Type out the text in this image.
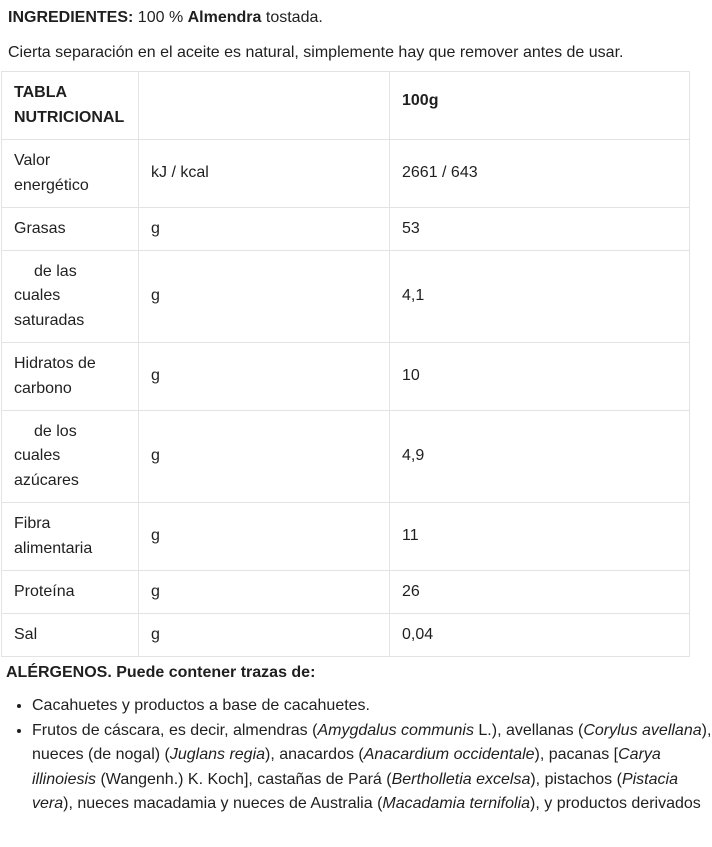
INGREDIENTES: 100 % Almendra tostada.
Cierta separación en el aceite es natural, simplemente hay que remover antes de usar.
TABLA NUTRICIONAL		100g
Valor energético	kJ / kcal	2661 / 643
Grasas	g	53
de las cuales saturadas	g	4,1
Hidratos de carbono	g	10
de los cuales azúcares	g	4,9
Fibra alimentaria	g	11
Proteína	g	26
Sal	g	0,04
ALÉRGENOS. Puede contener trazas de:
• Cacahuetes y productos a base de cacahuetes.
• Frutos de cáscara, es decir, almendras (Amygdalus communis L.), avellanas (Corylus avellana), nueces (de nogal) (Juglans regia), anacardos (Anacardium occidentale), pacanas [Carya illinoiesis (Wangenh.) K. Koch], castañas de Pará (Bertholletia excelsa), pistachos (Pistacia vera), nueces macadamia y nueces de Australia (Macadamia ternifolia), y productos derivados
